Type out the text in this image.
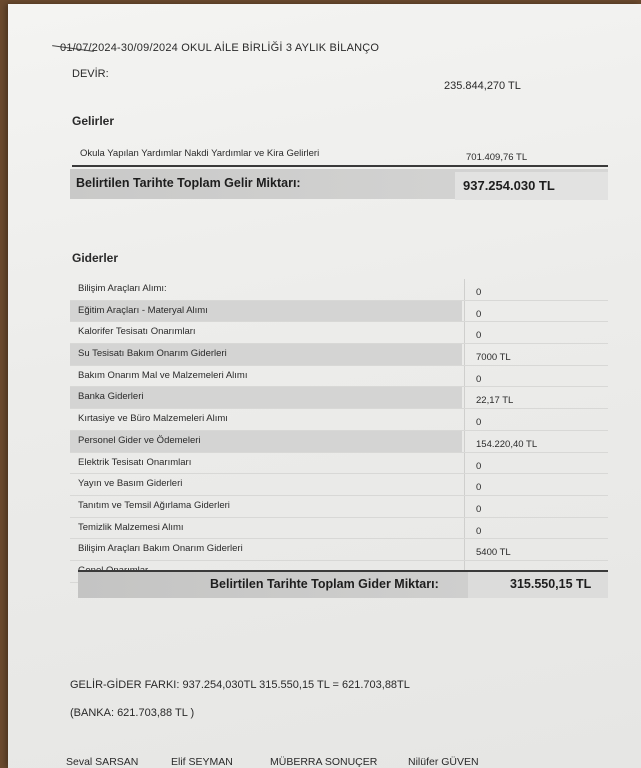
01/07/2024-30/09/2024 OKUL AİLE BİRLİĞİ 3 AYLIK BİLANÇO
DEVİR:
235.844,270 TL
Gelirler
Okula Yapılan Yardımlar Nakdi Yardımlar ve Kira Gelirleri	701.409,76 TL
Belirtilen Tarihte Toplam Gelir Miktarı:	937.254.030 TL
Giderler
Bilişim Araçları Alımı:	0
Eğitim Araçları - Materyal Alımı	0
Kalorifer Tesisatı Onarımları	0
Su Tesisatı Bakım Onarım Giderleri	7000 TL
Bakım Onarım Mal ve Malzemeleri Alımı	0
Banka Giderleri	22,17 TL
Kırtasiye ve Büro Malzemeleri Alımı	0
Personel Gider ve Ödemeleri	154.220,40 TL
Elektrik Tesisatı Onarımları	0
Yayın ve Basım Giderleri	0
Tanıtım ve Temsil Ağırlama Giderleri	0
Temizlik Malzemesi Alımı	0
Bilişim Araçları Bakım Onarım Giderleri	5400 TL
Belirtilen Tarihte Toplam Gider Miktarı:	315.550,15 TL
GELİR-GİDER FARKI: 937.254,030TL 315.550,15 TL = 621.703,88TL
(BANKA: 621.703,88 TL )
Seval SARSAN	Elif SEYMAN	MÜBERRA SONUÇER	Nilüfer GÜVEN
